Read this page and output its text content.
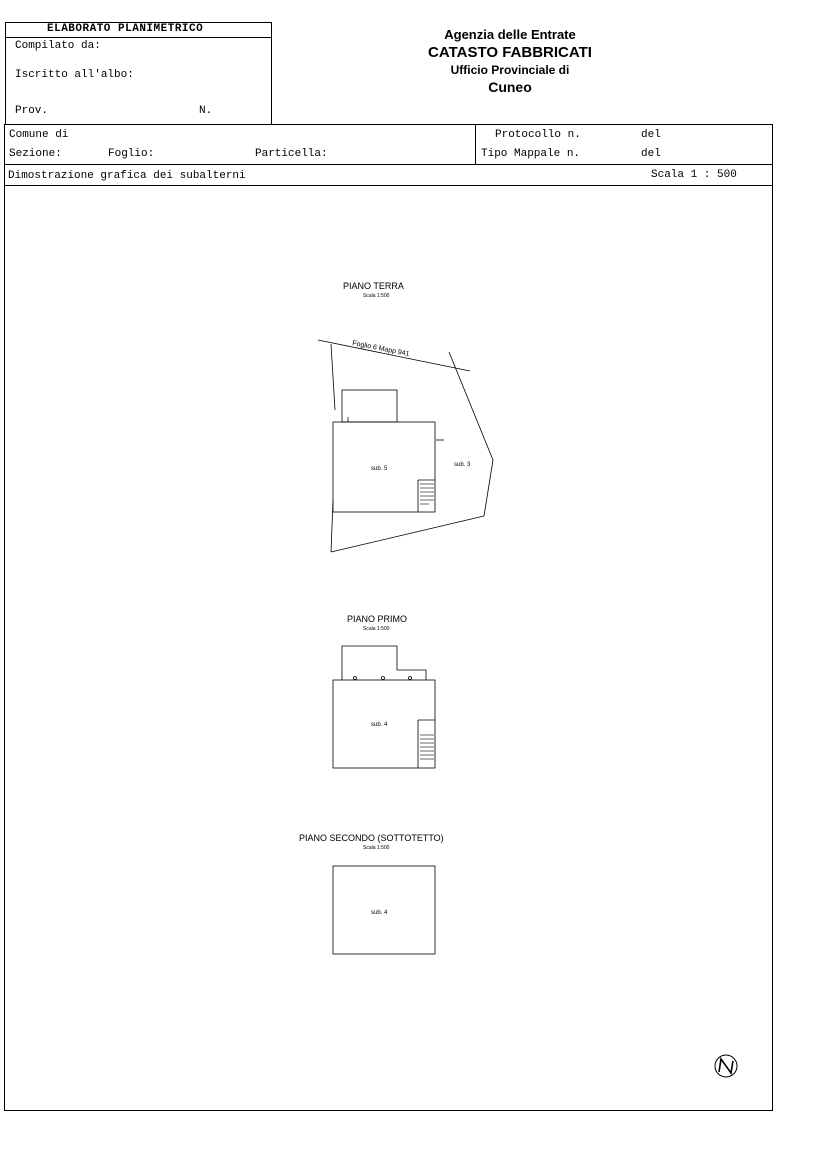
ELABORATO PLANIMETRICO
Compilato da:
Iscritto all'albo:
Prov.	N.
Agenzia delle Entrate
CATASTO FABBRICATI
Ufficio Provinciale di
Cuneo
Comune di
Sezione:	Foglio:	Particella:
Protocollo n.	del
Tipo Mappale n.	del
Dimostrazione grafica dei subalterni	Scala 1 : 500
PIANO TERRA
Scala 1:500
Foglio 6 Mapp 941
sub. 5
sub. 3
PIANO PRIMO
Scala 1:500
sub. 4
PIANO SECONDO (SOTTOTETTO)
Scala 1:500
sub. 4
